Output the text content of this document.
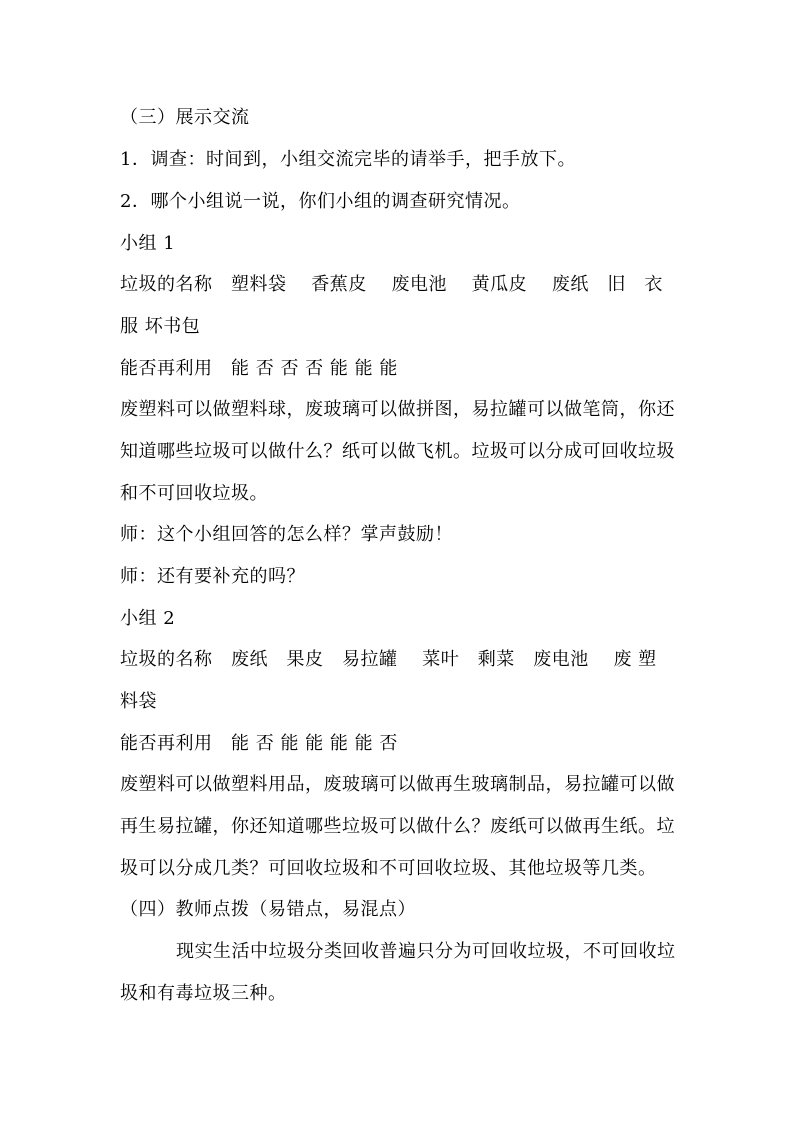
（三）展示交流
1．调查：时间到，小组交流完毕的请举手，把手放下。
2．哪个小组说一说，你们小组的调查研究情况。
小组 1
垃圾的名称　塑料袋　 香蕉皮　 废电池　 黄瓜皮　 废纸　旧　衣
服 坏书包
能否再利用　能 否 否 否 能 能 能
废塑料可以做塑料球，废玻璃可以做拼图，易拉罐可以做笔筒，你还
知道哪些垃圾可以做什么？纸可以做飞机。垃圾可以分成可回收垃圾
和不可回收垃圾。
师：这个小组回答的怎么样？掌声鼓励！
师：还有要补充的吗？
小组 2
垃圾的名称　废纸　果皮　易拉罐　 菜叶　剩菜　废电池　 废 塑
料袋
能否再利用　能 否 能 能 能 能 否
废塑料可以做塑料用品，废玻璃可以做再生玻璃制品，易拉罐可以做
再生易拉罐，你还知道哪些垃圾可以做什么？废纸可以做再生纸。垃
圾可以分成几类？可回收垃圾和不可回收垃圾、其他垃圾等几类。
（四）教师点拨（易错点，易混点）
现实生活中垃圾分类回收普遍只分为可回收垃圾，不可回收垃
圾和有毒垃圾三种。
